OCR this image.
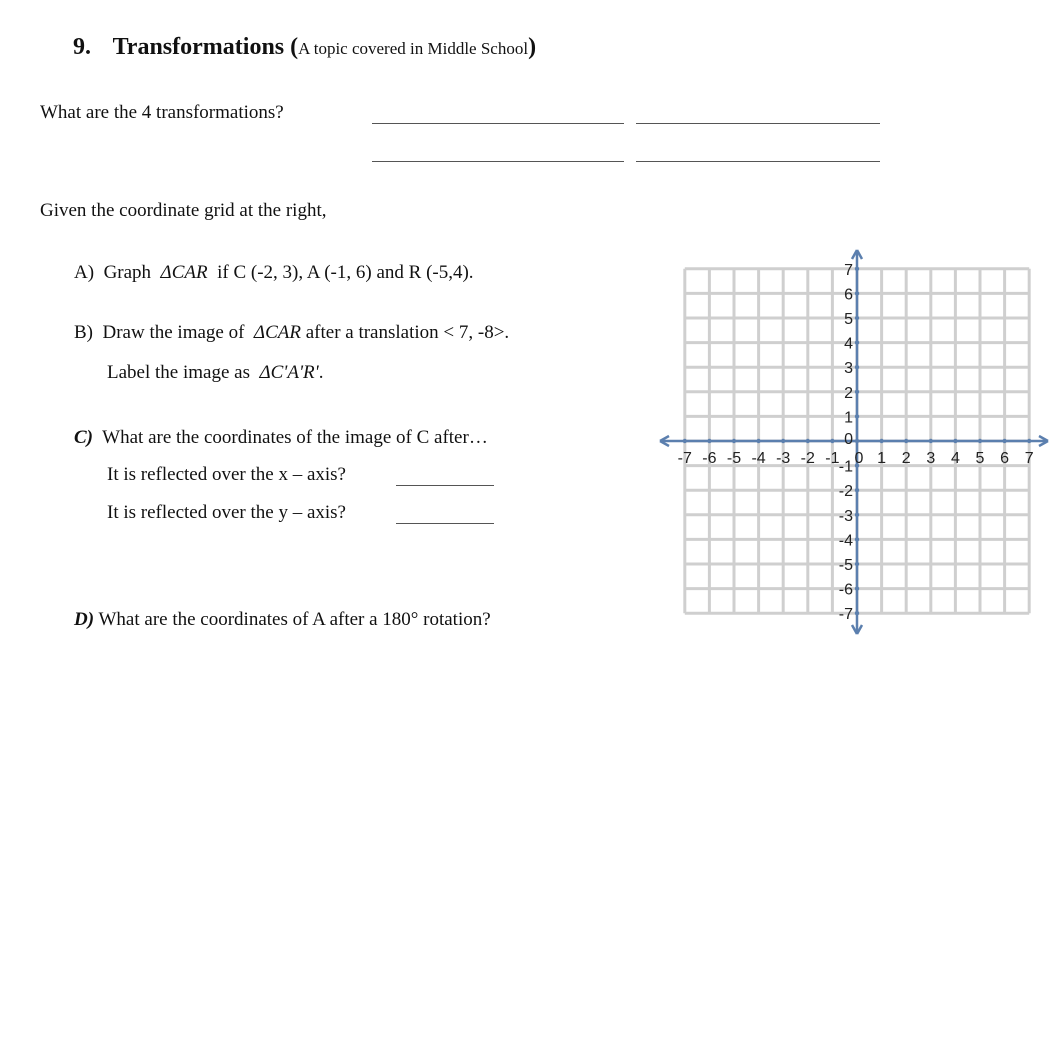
9. Transformations (A topic covered in Middle School)
What are the 4 transformations?
Given the coordinate grid at the right,
A) Graph ΔCAR if C (-2, 3), A (-1, 6) and R (-5,4).
B) Draw the image of ΔCAR after a translation < 7, -8>.
Label the image as ΔC'A'R'.
C) What are the coordinates of the image of C after…
It is reflected over the x – axis?
It is reflected over the y – axis?
D) What are the coordinates of A after a 180° rotation?
-7 -6 -5 -4 -3 -2 -1 1 2 3 4 5 6 7
7
6
5
4
3
2
1
-1
-2
-3
-4
-5
-6
-7
0
0
